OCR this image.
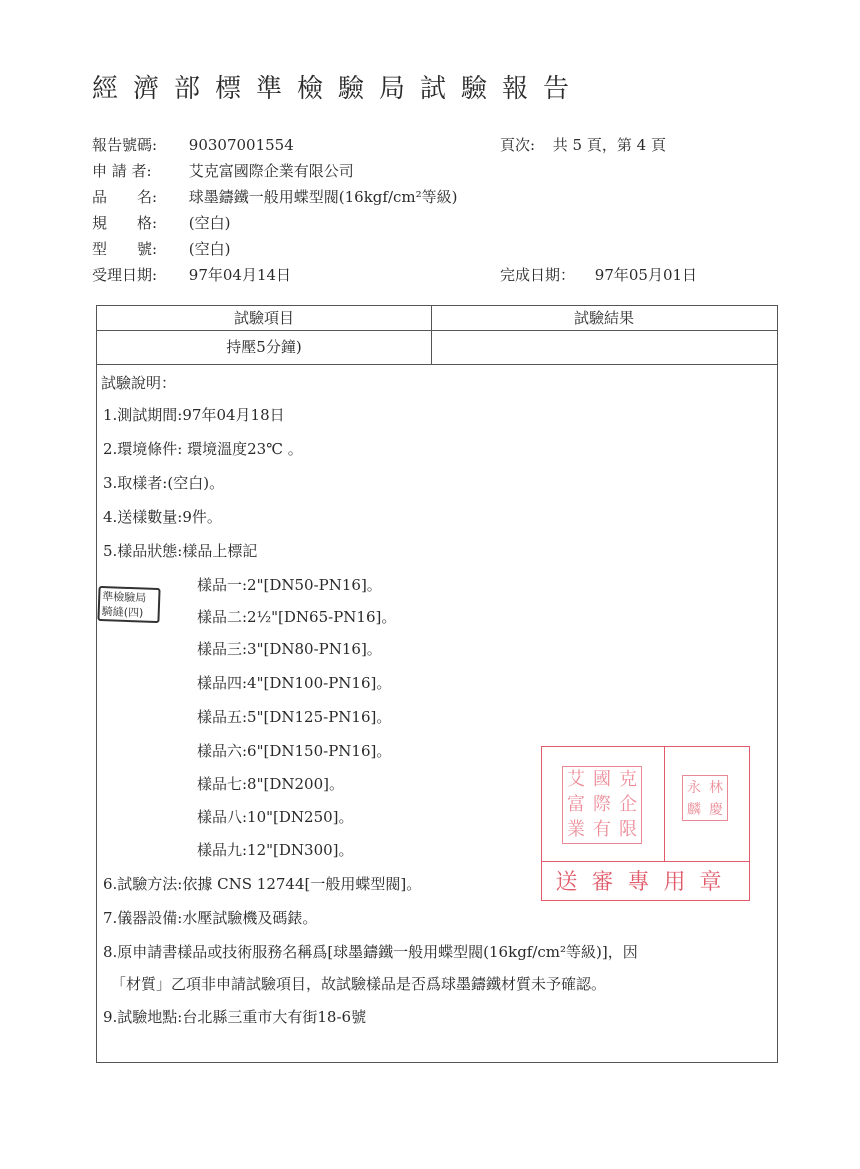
經濟部標準檢驗局試驗報告
報告號碼: 90307001554	頁次: 共 5 頁，第 4 頁
申 請 者: 艾克富國際企業有限公司
品　　名: 球墨鑄鐵一般用蝶型閥(16kgf/cm²等級)
規　　格: (空白)
型　　號: (空白)
受理日期: 97年04月14日	完成日期： 97年05月01日
試驗項目	試驗結果
持壓5分鐘)
試驗說明：
1.測試期間:97年04月18日
2.環境條件: 環境溫度23℃ 。
3.取樣者:(空白)。
4.送樣數量:9件。
5.樣品狀態:樣品上標記
樣品一:2"[DN50-PN16]。
樣品二:2½"[DN65-PN16]。
樣品三:3"[DN80-PN16]。
樣品四:4"[DN100-PN16]。
樣品五:5"[DN125-PN16]。
樣品六:6"[DN150-PN16]。
樣品七:8"[DN200]。
樣品八:10"[DN250]。
樣品九:12"[DN300]。
6.試驗方法:依據 CNS 12744[一般用蝶型閥]。
7.儀器設備:水壓試驗機及碼錶。
8.原申請書樣品或技術服務名稱爲[球墨鑄鐵一般用蝶型閥(16kgf/cm²等級)]，因
「材質」乙項非申請試驗項目，故試驗樣品是否爲球墨鑄鐵材質未予確認。
9.試驗地點:台北縣三重市大有街18-6號
準檢驗局
騎縫(四)
艾 國 克
富 際 企
業 有 限
永 林
麟 慶
送審專用章
